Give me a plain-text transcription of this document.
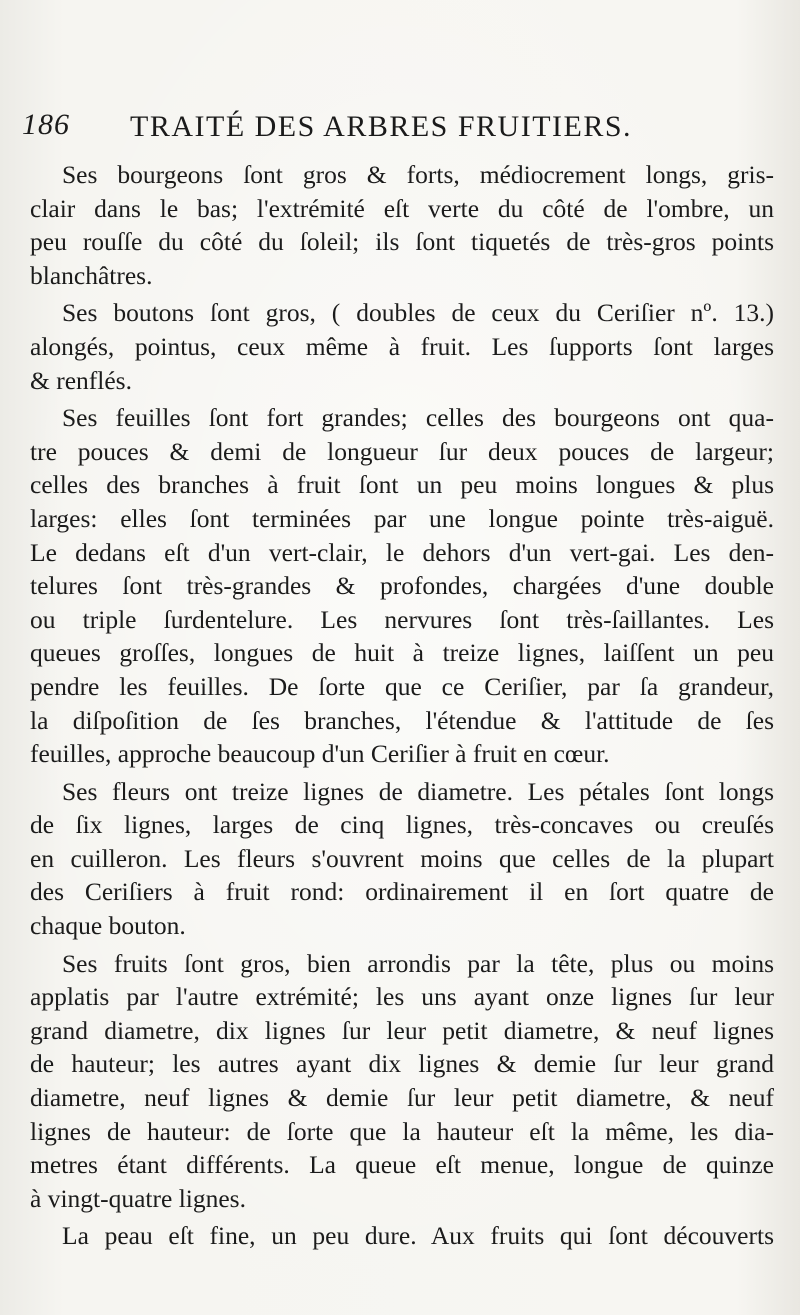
186 TRAITÉ DES ARBRES FRUITIERS.

Ses bourgeons ſont gros & forts, médiocrement longs, gris-
clair dans le bas; l'extrémité eſt verte du côté de l'ombre, un
peu rouſſe du côté du ſoleil; ils ſont tiquetés de très-gros points
blanchâtres.

Ses boutons ſont gros, ( doubles de ceux du Ceriſier nº. 13.)
alongés, pointus, ceux même à fruit. Les ſupports ſont larges
& renflés.

Ses feuilles ſont fort grandes; celles des bourgeons ont qua-
tre pouces & demi de longueur ſur deux pouces de largeur;
celles des branches à fruit ſont un peu moins longues & plus
larges: elles ſont terminées par une longue pointe très-aiguë.
Le dedans eſt d'un vert-clair, le dehors d'un vert-gai. Les den-
telures ſont très-grandes & profondes, chargées d'une double
ou triple ſurdentelure. Les nervures ſont très-ſaillantes. Les
queues groſſes, longues de huit à treize lignes, laiſſent un peu
pendre les feuilles. De ſorte que ce Ceriſier, par ſa grandeur,
la diſpoſition de ſes branches, l'étendue & l'attitude de ſes
feuilles, approche beaucoup d'un Ceriſier à fruit en cœur.

Ses fleurs ont treize lignes de diametre. Les pétales ſont longs
de ſix lignes, larges de cinq lignes, très-concaves ou creuſés
en cuilleron. Les fleurs s'ouvrent moins que celles de la plupart
des Ceriſiers à fruit rond: ordinairement il en ſort quatre de
chaque bouton.

Ses fruits ſont gros, bien arrondis par la tête, plus ou moins
applatis par l'autre extrémité; les uns ayant onze lignes ſur leur
grand diametre, dix lignes ſur leur petit diametre, & neuf lignes
de hauteur; les autres ayant dix lignes & demie ſur leur grand
diametre, neuf lignes & demie ſur leur petit diametre, & neuf
lignes de hauteur: de ſorte que la hauteur eſt la même, les dia-
metres étant différents. La queue eſt menue, longue de quinze
à vingt-quatre lignes.

La peau eſt fine, un peu dure. Aux fruits qui ſont découverts
